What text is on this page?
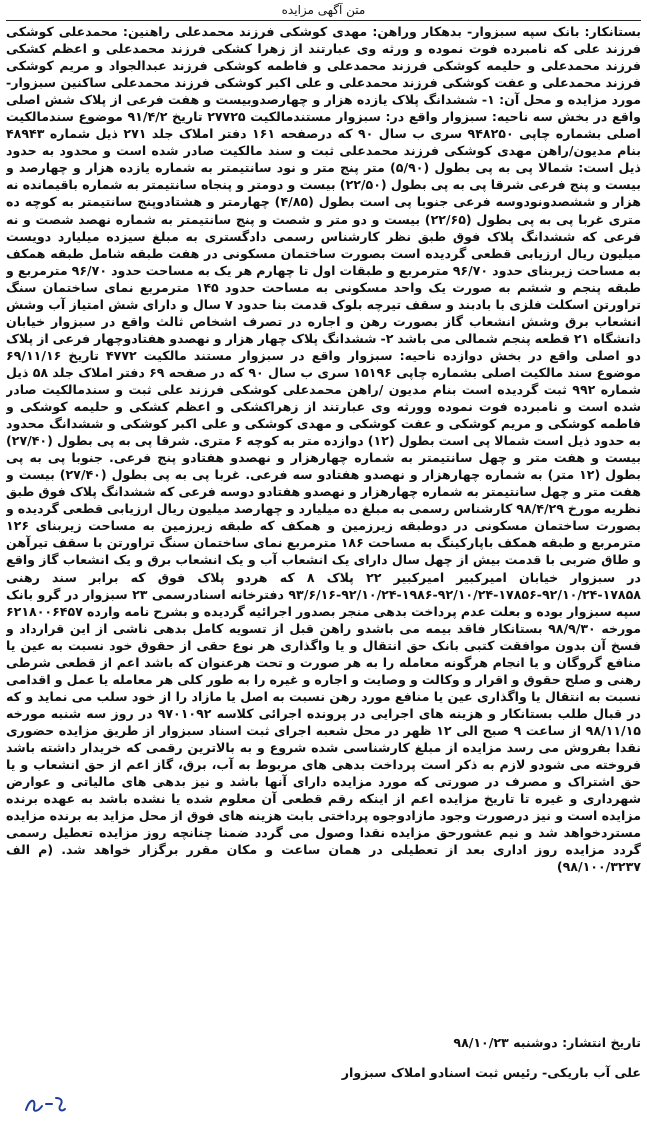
متن آگهی مزایده
بستانکار: بانک سپه سبزوار- بدهکار وراهن: مهدی کوشکی فرزند محمدعلی راهنین: محمدعلی کوشکی فرزند علی که نامبرده فوت نموده و ورثه وی عبارتند از زهرا کشکی فرزند محمدعلی و اعظم کشکی فرزند محمدعلی و حلیمه کوشکی فرزند محمدعلی و فاطمه کوشکی فرزند عبدالجواد و مریم کوشکی فرزند محمدعلی و عفت کوشکی فرزند محمدعلی و علی اکبر کوشکی فرزند محمدعلی ساکنین سبزوار- مورد مزایده و محل آن: ۱- ششدانگ پلاک یازده هزار و چهارصدوبیست و هفت فرعی از پلاک شش اصلی واقع در بخش سه ناحیه: سبزوار واقع در: سبزوار مستندمالکیت ۲۷۷۲۵ تاریخ ۹۱/۴/۲ موضوع سندمالکیت اصلی بشماره چاپی ۹۴۸۲۵۰ سری ب سال ۹۰ که درصفحه ۱۶۱ دفتر املاک جلد ۲۷۱ ذیل شماره ۴۸۹۴۳ بنام مدیون/راهن مهدی کوشکی فرزند محمدعلی ثبت و سند مالکیت صادر شده است و محدود به حدود ذیل است: شمالا پی به پی بطول (۵/۹۰) متر پنج متر و نود سانتیمتر به شماره یازده هزار و چهارصد و بیست و پنج فرعی شرقا پی به پی بطول (۲۲/۵۰) بیست و دومتر و پنجاه سانتیمتر به شماره باقیمانده نه هزار و ششصدونودوسه فرعی جنوبا پی است بطول (۴/۸۵) چهارمتر و هشتادوپنج سانتیمتر به کوچه ده متری غربا پی به پی بطول (۲۲/۶۵) بیست و دو متر و شصت و پنج سانتیمتر به شماره نهصد شصت و نه فرعی که ششدانگ پلاک فوق طبق نظر کارشناس رسمی دادگستری به مبلغ سیزده میلیارد دویست میلیون ریال ارزیابی قطعی گردیده است بصورت ساختمان مسکونی در هفت طبقه شامل طبقه همکف به مساحت زیربنای حدود ۹۶/۷۰ مترمربع و طبقات اول تا چهارم هر یک به مساحت حدود ۹۶/۷۰ مترمربع و طبقه پنجم و ششم به صورت یک واحد مسکونی به مساحت حدود ۱۴۵ مترمربع نمای ساختمان سنگ تراورتن اسکلت فلزی با بادبند و سقف تیرچه بلوک قدمت بنا حدود ۷ سال و دارای شش امتیاز آب وشش انشعاب برق وشش انشعاب گاز بصورت رهن و اجاره در تصرف اشخاص ثالث واقع در سبزوار خیابان دانشگاه ۲۱ قطعه پنجم شمالی می باشد ۲- ششدانگ پلاک چهار هزار و نهصدو هفتادوچهار فرعی از پلاک دو اصلی واقع در بخش دوازده ناحیه: سبزوار واقع در سبزوار مستند مالکیت ۴۷۷۲ تاریخ ۶۹/۱۱/۱۶ موضوع سند مالکیت اصلی بشماره چاپی ۱۵۱۹۶ سری ب سال ۹۰ که در صفحه ۶۹ دفتر املاک جلد ۵۸ ذیل شماره ۹۹۲ ثبت گردیده است بنام مدیون /راهن محمدعلی کوشکی فرزند علی ثبت و سندمالکیت صادر شده است و نامبرده فوت نموده وورثه وی عبارتند از زهراکشکی و اعظم کشکی و حلیمه کوشکی و فاطمه کوشکی و مریم کوشکی و عفت کوشکی و مهدی کوشکی و علی اکبر کوشکی و ششدانگ محدود به حدود ذیل است شمالا پی است بطول (۱۲) دوازده متر به کوچه ۶ متری. شرقا پی به پی بطول (۲۷/۴۰) بیست و هفت متر و چهل سانتیمتر به شماره چهارهزار و نهصدو هفتادو پنج فرعی. جنوبا پی به پی بطول (۱۲ متر) به شماره چهارهزار و نهصدو هفتادو سه فرعی. غربا پی به پی بطول (۲۷/۴۰) بیست و هفت متر و چهل سانتیمتر به شماره چهارهزار و نهصدو هفتادو دوسه فرعی که ششدانگ پلاک فوق طبق نظریه مورخ ۹۸/۴/۲۹ کارشناس رسمی به مبلغ ده میلیارد و چهارصد میلیون ریال ارزیابی قطعی گردیده و بصورت ساختمان مسکونی در دوطبقه زیرزمین و همکف که طبقه زیرزمین به مساحت زیربنای ۱۲۶ مترمربع و طبقه همکف باپارکینگ به مساحت ۱۸۶ مترمربع نمای ساختمان سنگ تراورتن با سقف تیرآهن و طاق ضربی با قدمت بیش از چهل سال دارای یک انشعاب آب و یک انشعاب برق و یک انشعاب گاز واقع در سبزوار خیابان امیرکبیر امیرکبیر ۲۲ پلاک ۸ که هردو پلاک فوق که برابر سند رهنی ۱۷۸۵۸-۹۲/۱۰/۲۴-۱۷۸۵۶-۹۲/۱۰/۲۴-۱۹۸۶-۹۲/۱۰/۲۴-۹۳/۶/۱۶ دفترخانه اسنادرسمی ۲۳ سبزوار در گرو بانک سپه سبزوار بوده و بعلت عدم پرداخت بدهی منجر بصدور اجرائیه گردیده و بشرح نامه وارده ۶۲۱۸۰۰۶۴۵۷ مورخه ۹۸/۹/۳۰ بستانکار فاقد بیمه می باشدو راهن قبل از تسویه کامل بدهی ناشی از این قرارداد و فسخ آن بدون موافقت کتبی بانک حق انتقال و یا واگذاری هر نوع حقی از حقوق خود نسبت به عین یا منافع گروگان و یا انجام هرگونه معامله را به هر صورت و تحت هرعنوان که باشد اعم از قطعی شرطی رهنی و صلح حقوق و اقرار و وکالت و وصایت و اجاره و غیره را به طور کلی هر معامله یا عمل و اقدامی نسبت به انتقال یا واگذاری عین یا منافع مورد رهن نسبت به اصل یا مازاد را از خود سلب می نماید و که در قبال طلب بستانکار و هزینه های اجرایی در پرونده اجرائی کلاسه ۹۷۰۱۰۹۲ در روز سه شنبه مورخه ۹۸/۱۱/۱۵ از ساعت ۹ صبح الی ۱۲ ظهر در محل شعبه اجرای ثبت اسناد سبزوار از طریق مزایده حضوری نقدا بفروش می رسد مزایده از مبلغ کارشناسی شده شروع و به بالاترین رقمی که خریدار داشته باشد فروخته می شودو لازم به ذکر است پرداخت بدهی های مربوط به آب، برق، گاز اعم از حق انشعاب و یا حق اشتراک و مصرف در صورتی که مورد مزایده دارای آنها باشد و نیز بدهی های مالیاتی و عوارض شهرداری و غیره تا تاریخ مزایده اعم از اینکه رقم قطعی آن معلوم شده یا نشده باشد به عهده برنده مزایده است و نیز درصورت وجود مازادوجوه پرداختی بابت هزینه های فوق از محل مزاید به برنده مزایده مستردخواهد شد و نیم عشورحق مزایده نقدا وصول می گردد ضمنا چنانچه روز مزایده تعطیل رسمی گردد مزایده روز اداری بعد از تعطیلی در همان ساعت و مکان مقرر برگزار خواهد شد. (م الف ۹۸/۱۰۰/۳۲۳۷)
تاریخ انتشار: دوشنبه ۹۸/۱۰/۲۳
علی آب باریکی- رئیس ثبت اسنادو املاک سبزوار
